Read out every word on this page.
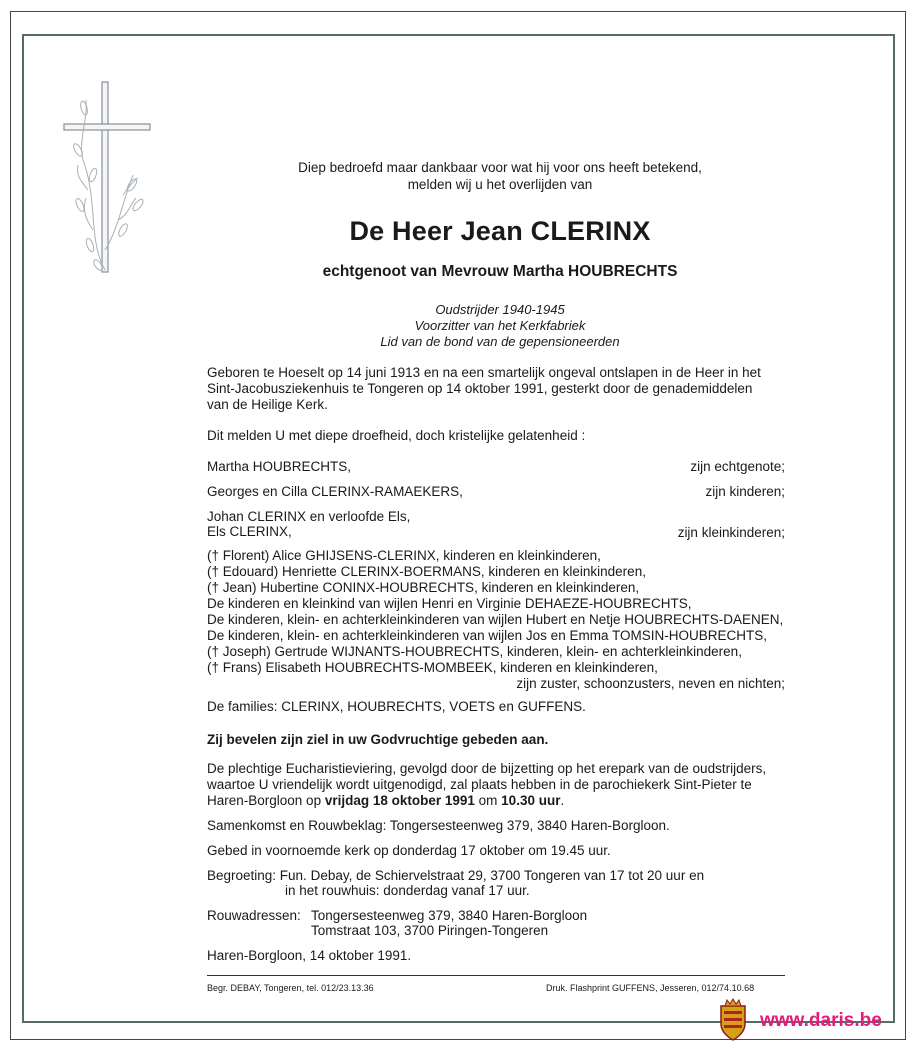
Diep bedroefd maar dankbaar voor wat hij voor ons heeft betekend,
melden wij u het overlijden van
De Heer Jean CLERINX
echtgenoot van Mevrouw Martha HOUBRECHTS
Oudstrijder 1940-1945
Voorzitter van het Kerkfabriek
Lid van de bond van de gepensioneerden
Geboren te Hoeselt op 14 juni 1913 en na een smartelijk ongeval ontslapen in de Heer in het
Sint-Jacobusziekenhuis te Tongeren op 14 oktober 1991, gesterkt door de genademiddelen
van de Heilige Kerk.
Dit melden U met diepe droefheid, doch kristelijke gelatenheid :
Martha HOUBRECHTS,	zijn echtgenote;
Georges en Cilla CLERINX-RAMAEKERS,	zijn kinderen;
Johan CLERINX en verloofde Els,
Els CLERINX,	zijn kleinkinderen;
(† Florent) Alice GHIJSENS-CLERINX, kinderen en kleinkinderen,
(† Edouard) Henriette CLERINX-BOERMANS, kinderen en kleinkinderen,
(† Jean) Hubertine CONINX-HOUBRECHTS, kinderen en kleinkinderen,
De kinderen en kleinkind van wijlen Henri en Virginie DEHAEZE-HOUBRECHTS,
De kinderen, klein- en achterkleinkinderen van wijlen Hubert en Netje HOUBRECHTS-DAENEN,
De kinderen, klein- en achterkleinkinderen van wijlen Jos en Emma TOMSIN-HOUBRECHTS,
(† Joseph) Gertrude WIJNANTS-HOUBRECHTS, kinderen, klein- en achterkleinkinderen,
(† Frans) Elisabeth HOUBRECHTS-MOMBEEK, kinderen en kleinkinderen,
zijn zuster, schoonzusters, neven en nichten;
De families: CLERINX, HOUBRECHTS, VOETS en GUFFENS.
Zij bevelen zijn ziel in uw Godvruchtige gebeden aan.
De plechtige Eucharistieviering, gevolgd door de bijzetting op het erepark van de oudstrijders,
waartoe U vriendelijk wordt uitgenodigd, zal plaats hebben in de parochiekerk Sint-Pieter te
Haren-Borgloon op vrijdag 18 oktober 1991 om 10.30 uur.
Samenkomst en Rouwbeklag: Tongersesteenweg 379, 3840 Haren-Borgloon.
Gebed in voornoemde kerk op donderdag 17 oktober om 19.45 uur.
Begroeting: Fun. Debay, de Schiervelstraat 29, 3700 Tongeren van 17 tot 20 uur en
in het rouwhuis: donderdag vanaf 17 uur.
Rouwadressen: Tongersesteenweg 379, 3840 Haren-Borgloon
Tomstraat 103, 3700 Piringen-Tongeren
Haren-Borgloon, 14 oktober 1991.
Begr. DEBAY, Tongeren, tel. 012/23.13.36	Druk. Flashprint GUFFENS, Jesseren, 012/74.10.68
www.daris.be
